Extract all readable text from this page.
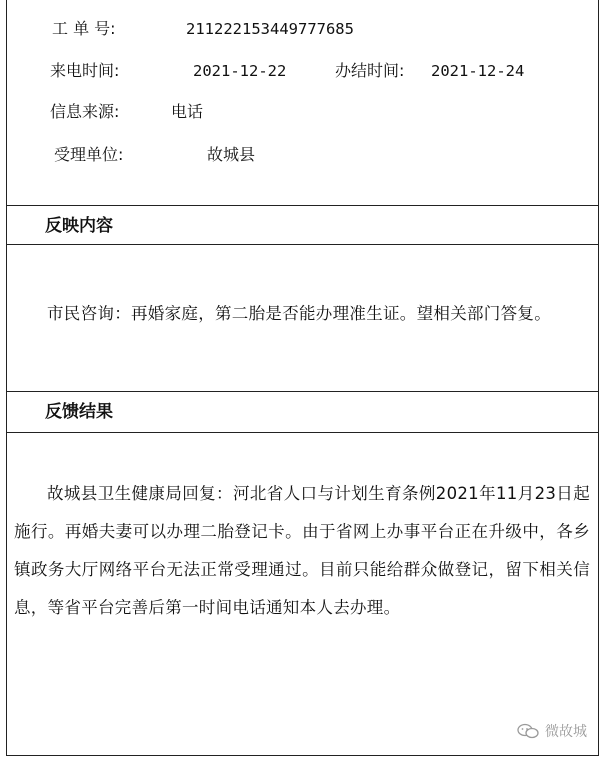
工 单 号:	211222153449777685
来电时间:	2021-12-22	办结时间: 2021-12-24
信息来源:	电话
受理单位:	故城县
反映内容
市民咨询：再婚家庭，第二胎是否能办理准生证。望相关部门答复。
反馈结果
故城县卫生健康局回复：河北省人口与计划生育条例2021年11月23日起施行。再婚夫妻可以办理二胎登记卡。由于省网上办事平台正在升级中，各乡镇政务大厅网络平台无法正常受理通过。目前只能给群众做登记，留下相关信息，等省平台完善后第一时间电话通知本人去办理。
微故城
